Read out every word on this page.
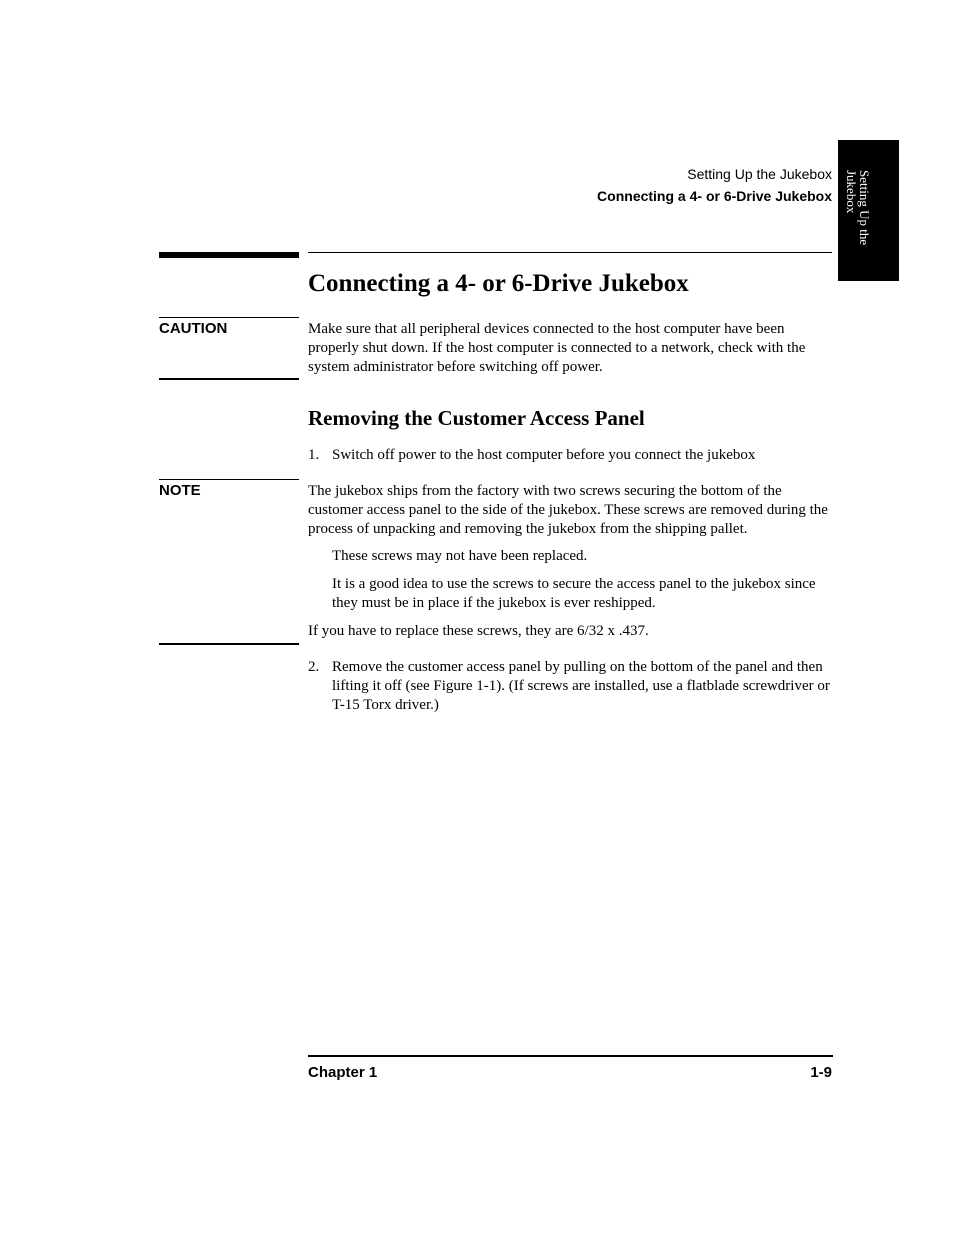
Setting Up the Jukebox
Connecting a 4- or 6-Drive Jukebox	Setting Up the Jukebox
Connecting a 4- or 6-Drive Jukebox
CAUTION	Make sure that all peripheral devices connected to the host computer have been properly shut down. If the host computer is connected to a network, check with the system administrator before switching off power.
Removing the Customer Access Panel
1. Switch off power to the host computer before you connect the jukebox
NOTE	The jukebox ships from the factory with two screws securing the bottom of the customer access panel to the side of the jukebox. These screws are removed during the process of unpacking and removing the jukebox from the shipping pallet.
These screws may not have been replaced.
It is a good idea to use the screws to secure the access panel to the jukebox since they must be in place if the jukebox is ever reshipped.
If you have to replace these screws, they are 6/32 x .437.
2. Remove the customer access panel by pulling on the bottom of the panel and then lifting it off (see Figure 1-1). (If screws are installed, use a flatblade screwdriver or T-15 Torx driver.)
Chapter 1	1-9
